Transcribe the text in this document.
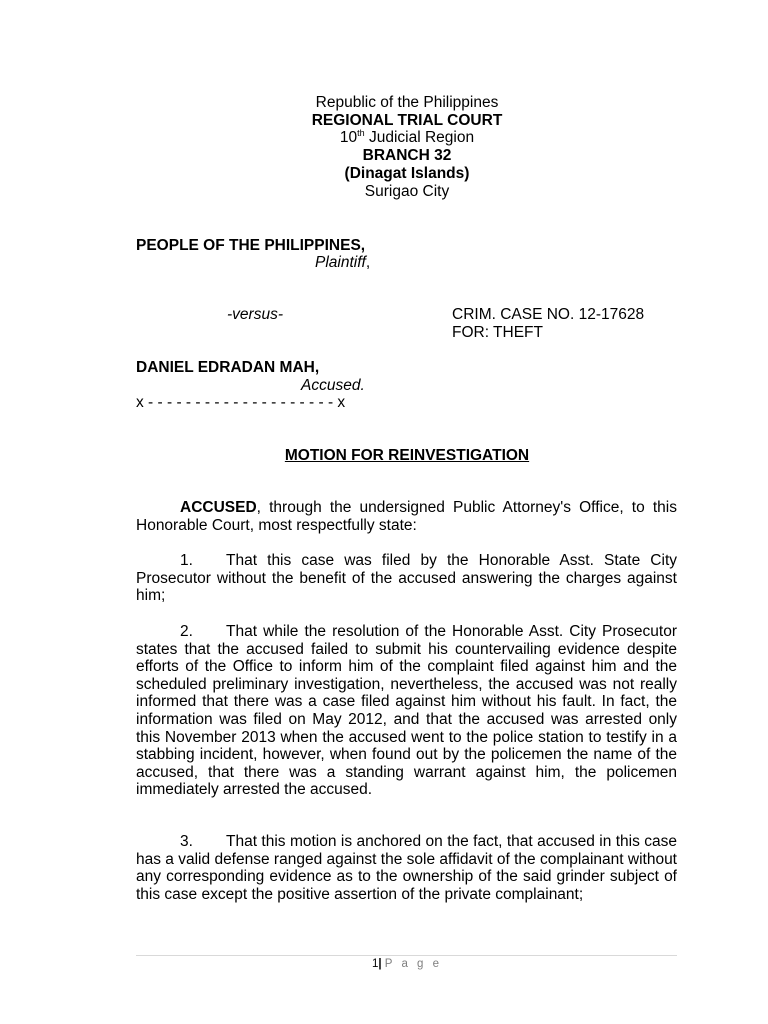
Republic of the Philippines
REGIONAL TRIAL COURT
10th Judicial Region
BRANCH 32
(Dinagat Islands)
Surigao City
PEOPLE OF THE PHILIPPINES,
Plaintiff,
-versus-	CRIM. CASE NO. 12-17628
FOR: THEFT
DANIEL EDRADAN MAH,
Accused.
x - - - - - - - - - - - - - - - - - - - - x
MOTION FOR REINVESTIGATION

ACCUSED, through the undersigned Public Attorney's Office, to this Honorable Court, most respectfully state:

1. That this case was filed by the Honorable Asst. State City Prosecutor without the benefit of the accused answering the charges against him;

2. That while the resolution of the Honorable Asst. City Prosecutor states that the accused failed to submit his countervailing evidence despite efforts of the Office to inform him of the complaint filed against him and the scheduled preliminary investigation, nevertheless, the accused was not really informed that there was a case filed against him without his fault. In fact, the information was filed on May 2012, and that the accused was arrested only this November 2013 when the accused went to the police station to testify in a stabbing incident, however, when found out by the policemen the name of the accused, that there was a standing warrant against him, the policemen immediately arrested the accused.

3. That this motion is anchored on the fact, that accused in this case has a valid defense ranged against the sole affidavit of the complainant without any corresponding evidence as to the ownership of the said grinder subject of this case except the positive assertion of the private complainant;

1| P a g e
